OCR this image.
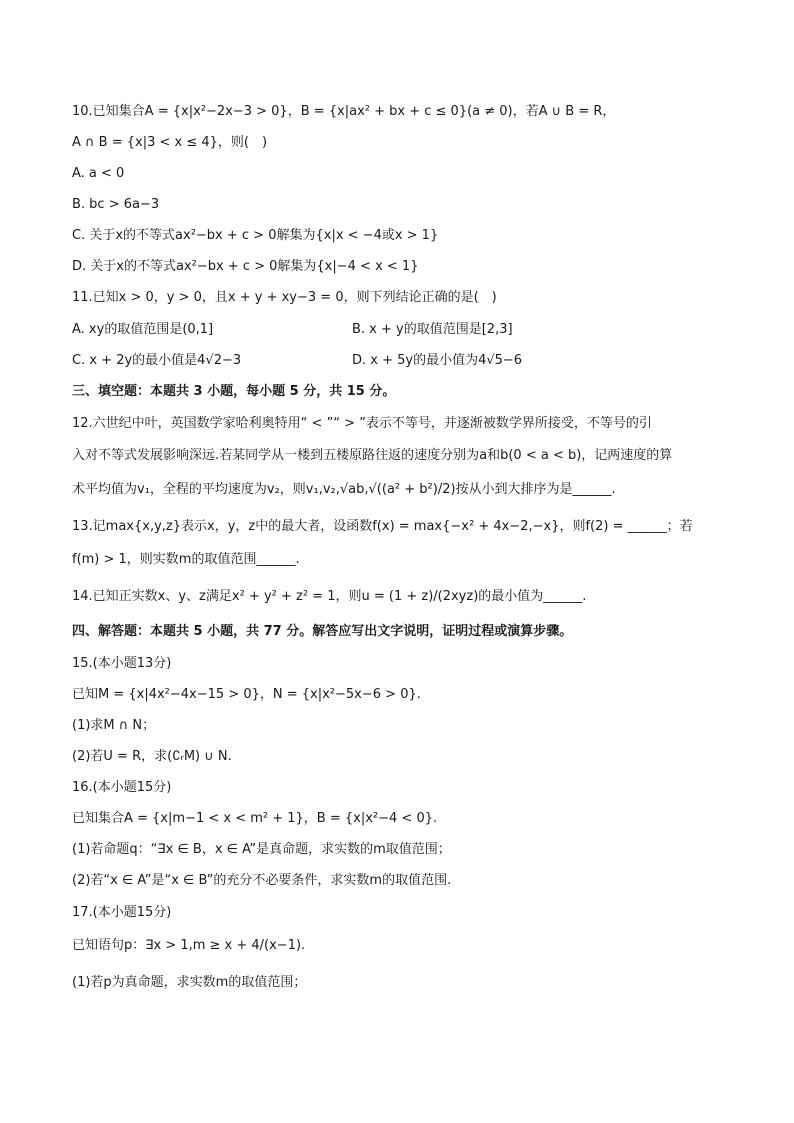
10.已知集合A = {x|x²−2x−3 > 0}，B = {x|ax² + bx + c ≤ 0}(a ≠ 0)，若A ∪ B = R，
A ∩ B = {x|3 < x ≤ 4}，则(　)
A. a < 0
B. bc > 6a−3
C. 关于x的不等式ax²−bx + c > 0解集为{x|x < −4或x > 1}
D. 关于x的不等式ax²−bx + c > 0解集为{x|−4 < x < 1}
11.已知x > 0，y > 0，且x + y + xy−3 = 0，则下列结论正确的是(　)
A. xy的取值范围是(0,1]	B. x + y的取值范围是[2,3]
C. x + 2y的最小值是4√2−3	D. x + 5y的最小值为4√5−6
三、填空题：本题共 3 小题，每小题 5 分，共 15 分。
12.六世纪中叶，英国数学家哈利奥特用“ < ”“ > ”表示不等号，并逐渐被数学界所接受，不等号的引
入对不等式发展影响深远.若某同学从一楼到五楼原路往返的速度分别为a和b(0 < a < b)，记两速度的算
术平均值为v₁，全程的平均速度为v₂，则v₁,v₂,√ab,√((a² + b²)/2)按从小到大排序为是______.
13.记max{x,y,z}表示x，y，z中的最大者，设函数f(x) = max{−x² + 4x−2,−x}，则f(2) = ______；若
f(m) > 1，则实数m的取值范围______.
14.已知正实数x、y、z满足x² + y² + z² = 1，则u = (1 + z)/(2xyz)的最小值为______.
四、解答题：本题共 5 小题，共 77 分。解答应写出文字说明，证明过程或演算步骤。
15.(本小题13分)
已知M = {x|4x²−4x−15 > 0}，N = {x|x²−5x−6 > 0}.
(1)求M ∩ N；
(2)若U = R，求(∁ᵣM) ∪ N.
16.(本小题15分)
已知集合A = {x|m−1 < x < m² + 1}，B = {x|x²−4 < 0}.
(1)若命题q：“∃x ∈ B，x ∈ A”是真命题，求实数的m取值范围；
(2)若“x ∈ A”是“x ∈ B”的充分不必要条件，求实数m的取值范围.
17.(本小题15分)
已知语句p：∃x > 1,m ≥ x + 4/(x−1).
(1)若p为真命题，求实数m的取值范围；
